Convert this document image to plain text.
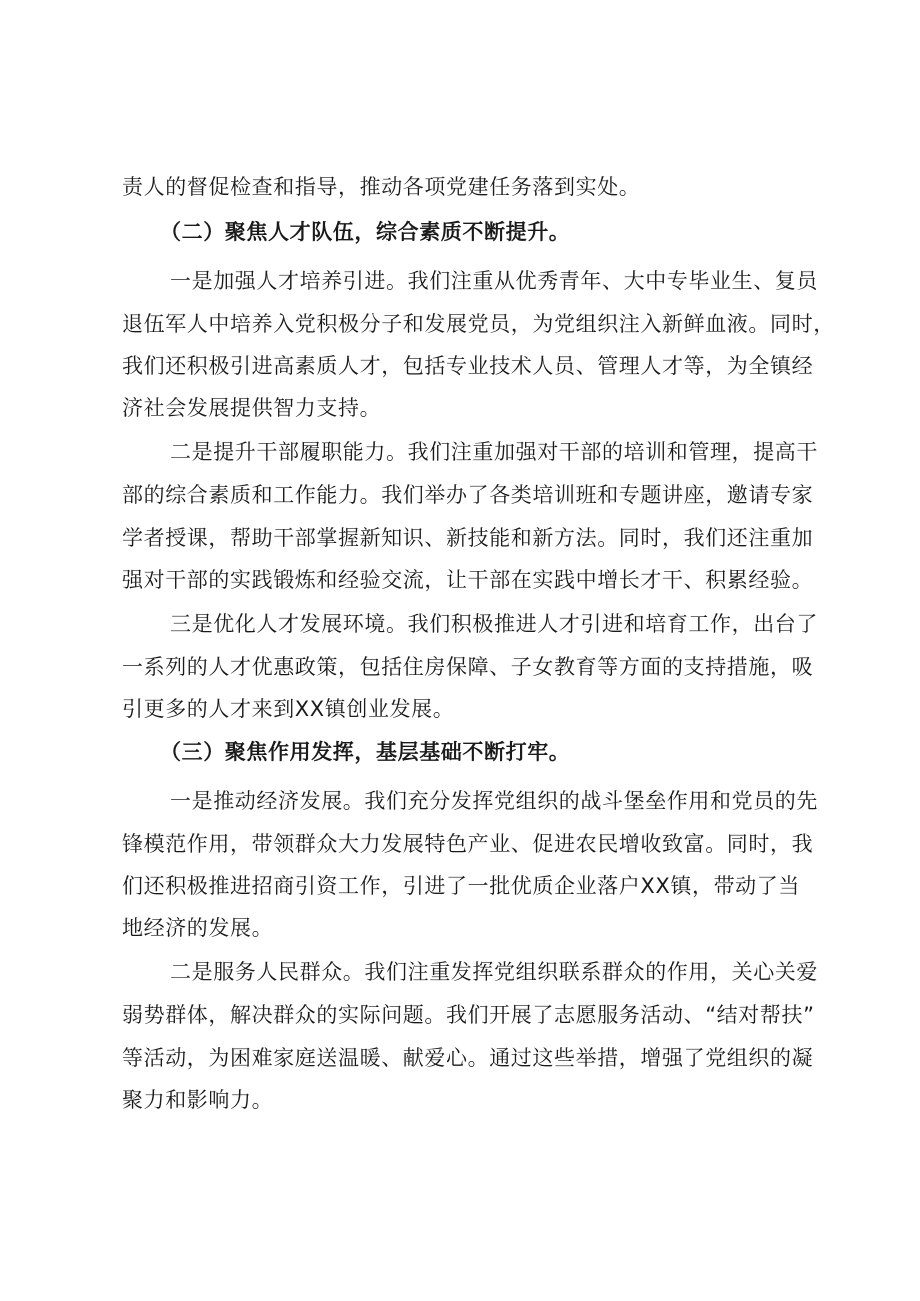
责人的督促检查和指导，推动各项党建任务落到实处。
（二）聚焦人才队伍，综合素质不断提升。
一是加强人才培养引进。我们注重从优秀青年、大中专毕业生、复员
退伍军人中培养入党积极分子和发展党员，为党组织注入新鲜血液。同时，
我们还积极引进高素质人才，包括专业技术人员、管理人才等，为全镇经
济社会发展提供智力支持。
二是提升干部履职能力。我们注重加强对干部的培训和管理，提高干
部的综合素质和工作能力。我们举办了各类培训班和专题讲座，邀请专家
学者授课，帮助干部掌握新知识、新技能和新方法。同时，我们还注重加
强对干部的实践锻炼和经验交流，让干部在实践中增长才干、积累经验。
三是优化人才发展环境。我们积极推进人才引进和培育工作，出台了
一系列的人才优惠政策，包括住房保障、子女教育等方面的支持措施，吸
引更多的人才来到XX镇创业发展。
（三）聚焦作用发挥，基层基础不断打牢。
一是推动经济发展。我们充分发挥党组织的战斗堡垒作用和党员的先
锋模范作用，带领群众大力发展特色产业、促进农民增收致富。同时，我
们还积极推进招商引资工作，引进了一批优质企业落户XX镇，带动了当
地经济的发展。
二是服务人民群众。我们注重发挥党组织联系群众的作用，关心关爱
弱势群体，解决群众的实际问题。我们开展了志愿服务活动、“结对帮扶”
等活动，为困难家庭送温暖、献爱心。通过这些举措，增强了党组织的凝
聚力和影响力。
